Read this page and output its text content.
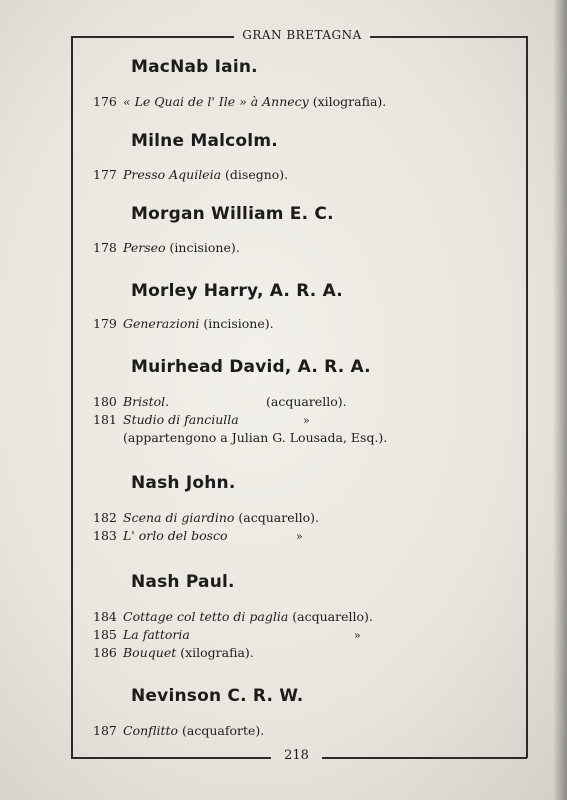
GRAN BRETAGNA
MacNab Iain.
176 « Le Quai de l' Ile » à Annecy (xilografia).
Milne Malcolm.
177 Presso Aquileia (disegno).
Morgan William E. C.
178 Perseo (incisione).
Morley Harry, A. R. A.
179 Generazioni (incisione).
Muirhead David, A. R. A.
180 Bristol.	(acquarello).
181 Studio di fanciulla	»
(appartengono a Julian G. Lousada, Esq.).
Nash John.
182 Scena di giardino (acquarello).
183 L' orlo del bosco	»
Nash Paul.
184 Cottage col tetto di paglia (acquarello).
185 La fattoria	»
186 Bouquet (xilografia).
Nevinson C. R. W.
187 Conflitto (acquaforte).
218
